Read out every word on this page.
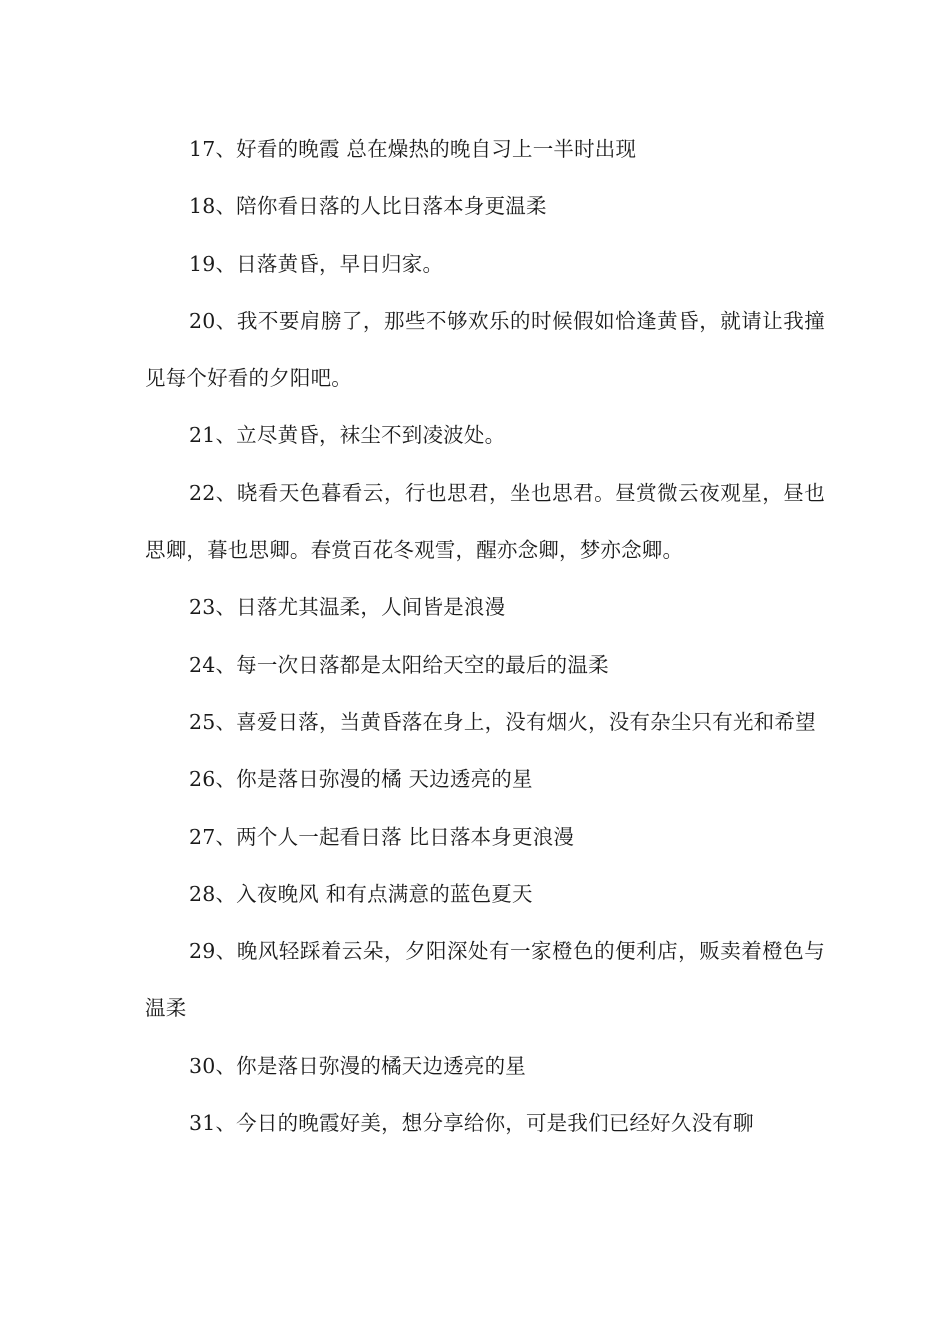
17、好看的晚霞 总在燥热的晚自习上一半时出现

18、陪你看日落的人比日落本身更温柔

19、日落黄昏，早日归家。

20、我不要肩膀了，那些不够欢乐的时候假如恰逢黄昏，就请让我撞见每个好看的夕阳吧。

21、立尽黄昏，袜尘不到凌波处。

22、晓看天色暮看云，行也思君，坐也思君。昼赏微云夜观星，昼也思卿，暮也思卿。春赏百花冬观雪，醒亦念卿，梦亦念卿。

23、日落尤其温柔，人间皆是浪漫

24、每一次日落都是太阳给天空的最后的温柔

25、喜爱日落，当黄昏落在身上，没有烟火，没有杂尘只有光和希望

26、你是落日弥漫的橘 天边透亮的星

27、两个人一起看日落 比日落本身更浪漫

28、入夜晚风 和有点满意的蓝色夏天

29、晚风轻踩着云朵，夕阳深处有一家橙色的便利店，贩卖着橙色与温柔

30、你是落日弥漫的橘天边透亮的星

31、今日的晚霞好美，想分享给你，可是我们已经好久没有聊
